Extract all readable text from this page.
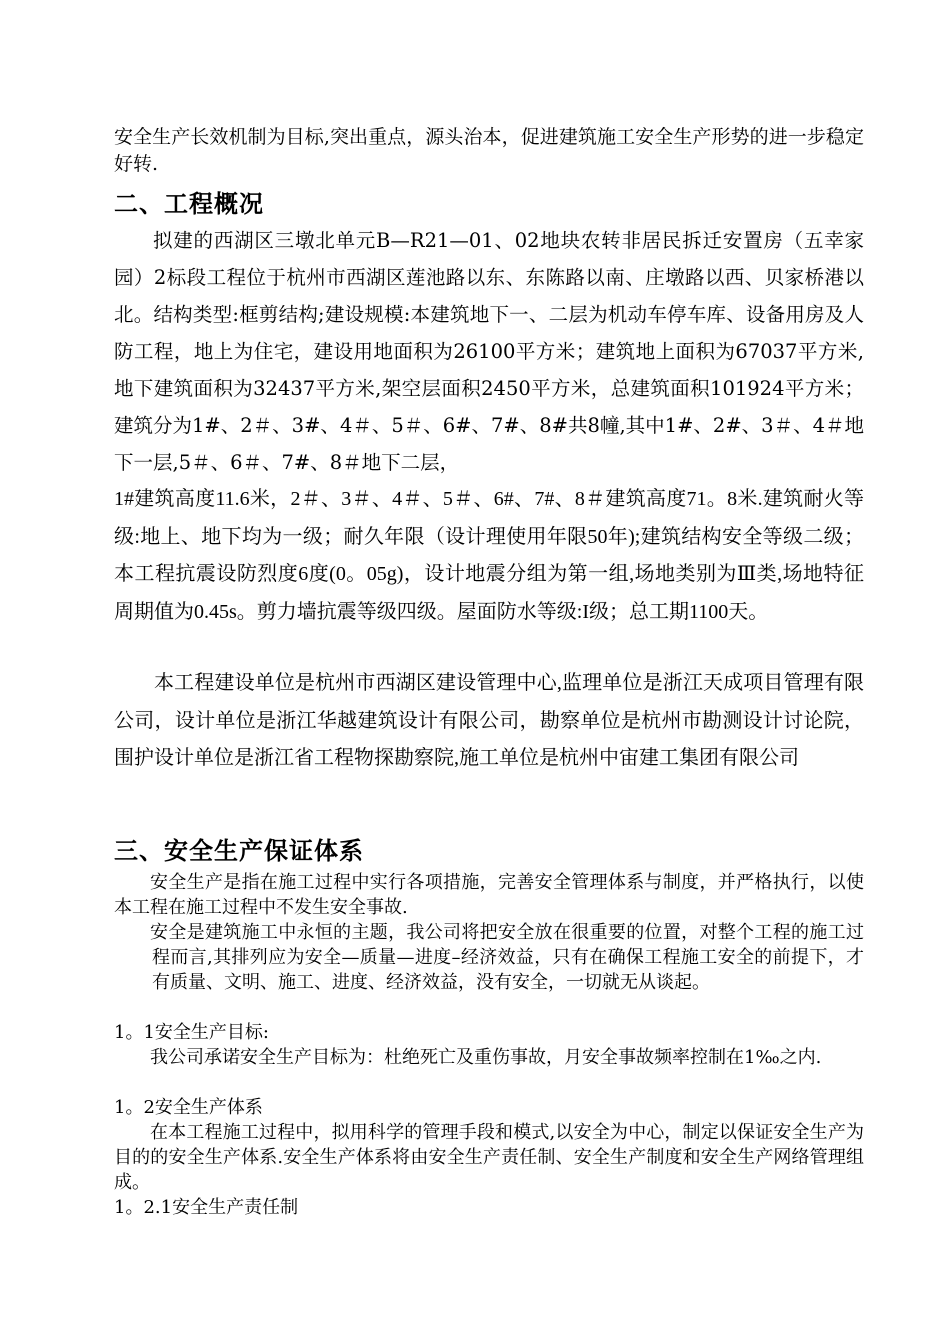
安全生产长效机制为目标,突出重点，源头治本，促进建筑施工安全生产形势的进一步稳定好转.

二、工程概况

拟建的西湖区三墩北单元B—R21—01、02地块农转非居民拆迁安置房（五幸家园）2标段工程位于杭州市西湖区莲池路以东、东陈路以南、庄墩路以西、贝家桥港以北。结构类型:框剪结构;建设规模:本建筑地下一、二层为机动车停车库、设备用房及人防工程，地上为住宅，建设用地面积为26100平方米；建筑地上面积为67037平方米,地下建筑面积为32437平方米,架空层面积2450平方米，总建筑面积101924平方米；建筑分为1#、2＃、3#、4＃、5＃、6#、7#、8#共8幢,其中1#、2#、3＃、4＃地下一层,5＃、6＃、7#、8＃地下二层，

1#建筑高度11.6米，2＃、3＃、4＃、5＃、6#、7#、8＃建筑高度71。8米.建筑耐火等级:地上、地下均为一级；耐久年限（设计理使用年限50年);建筑结构安全等级二级；本工程抗震设防烈度6度(0。05g)，设计地震分组为第一组,场地类别为Ⅲ类,场地特征周期值为0.45s。剪力墙抗震等级四级。屋面防水等级:I级；总工期1100天。

本工程建设单位是杭州市西湖区建设管理中心,监理单位是浙江天成项目管理有限公司，设计单位是浙江华越建筑设计有限公司，勘察单位是杭州市勘测设计讨论院，围护设计单位是浙江省工程物探勘察院,施工单位是杭州中宙建工集团有限公司

三、安全生产保证体系

安全生产是指在施工过程中实行各项措施，完善安全管理体系与制度，并严格执行，以使本工程在施工过程中不发生安全事故.

安全是建筑施工中永恒的主题，我公司将把安全放在很重要的位置，对整个工程的施工过程而言,其排列应为安全—质量—进度–经济效益，只有在确保工程施工安全的前提下，才有质量、文明、施工、进度、经济效益，没有安全，一切就无从谈起。

1。1安全生产目标:

我公司承诺安全生产目标为：杜绝死亡及重伤事故，月安全事故频率控制在1‰之内.

1。2安全生产体系

在本工程施工过程中，拟用科学的管理手段和模式,以安全为中心，制定以保证安全生产为目的的安全生产体系.安全生产体系将由安全生产责任制、安全生产制度和安全生产网络管理组成。

1。2.1安全生产责任制
